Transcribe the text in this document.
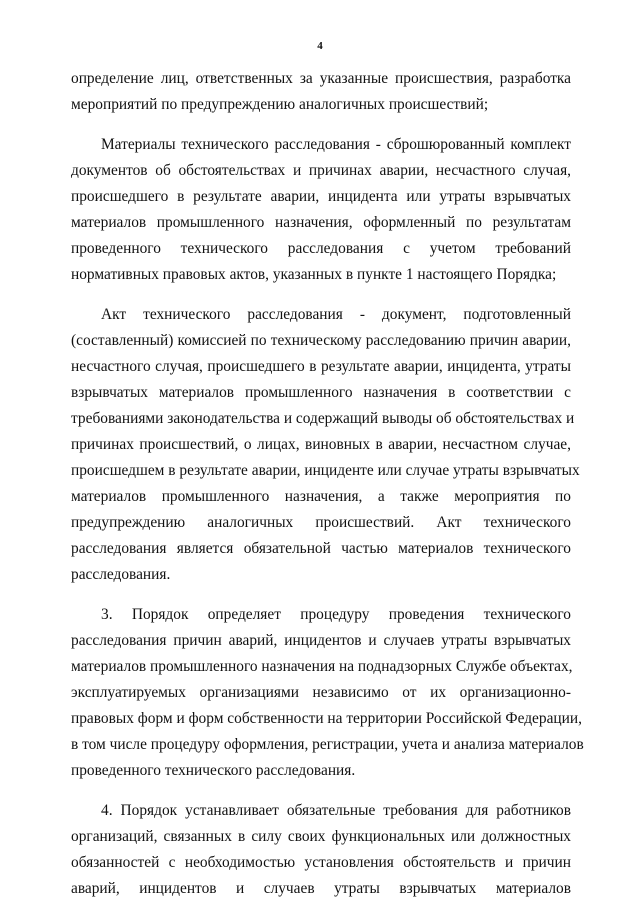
4
определение лиц, ответственных за указанные происшествия, разработка
мероприятий по предупреждению аналогичных происшествий;
Материалы технического расследования - сброшюрованный комплект
документов об обстоятельствах и причинах аварии, несчастного случая,
происшедшего в результате аварии, инцидента или утраты взрывчатых
материалов промышленного назначения, оформленный по результатам
проведенного технического расследования с учетом требований
нормативных правовых актов, указанных в пункте 1 настоящего Порядка;
Акт технического расследования - документ, подготовленный
(составленный) комиссией по техническому расследованию причин аварии,
несчастного случая, происшедшего в результате аварии, инцидента, утраты
взрывчатых материалов промышленного назначения в соответствии с
требованиями законодательства и содержащий выводы об обстоятельствах и
причинах происшествий, о лицах, виновных в аварии, несчастном случае,
происшедшем в результате аварии, инциденте или случае утраты взрывчатых
материалов промышленного назначения, а также мероприятия по
предупреждению аналогичных происшествий. Акт технического
расследования является обязательной частью материалов технического
расследования.
3. Порядок определяет процедуру проведения технического
расследования причин аварий, инцидентов и случаев утраты взрывчатых
материалов промышленного назначения на поднадзорных Службе объектах,
эксплуатируемых организациями независимо от их организационно-
правовых форм и форм собственности на территории Российской Федерации,
в том числе процедуру оформления, регистрации, учета и анализа материалов
проведенного технического расследования.
4. Порядок устанавливает обязательные требования для работников
организаций, связанных в силу своих функциональных или должностных
обязанностей с необходимостью установления обстоятельств и причин
аварий, инцидентов и случаев утраты взрывчатых материалов
